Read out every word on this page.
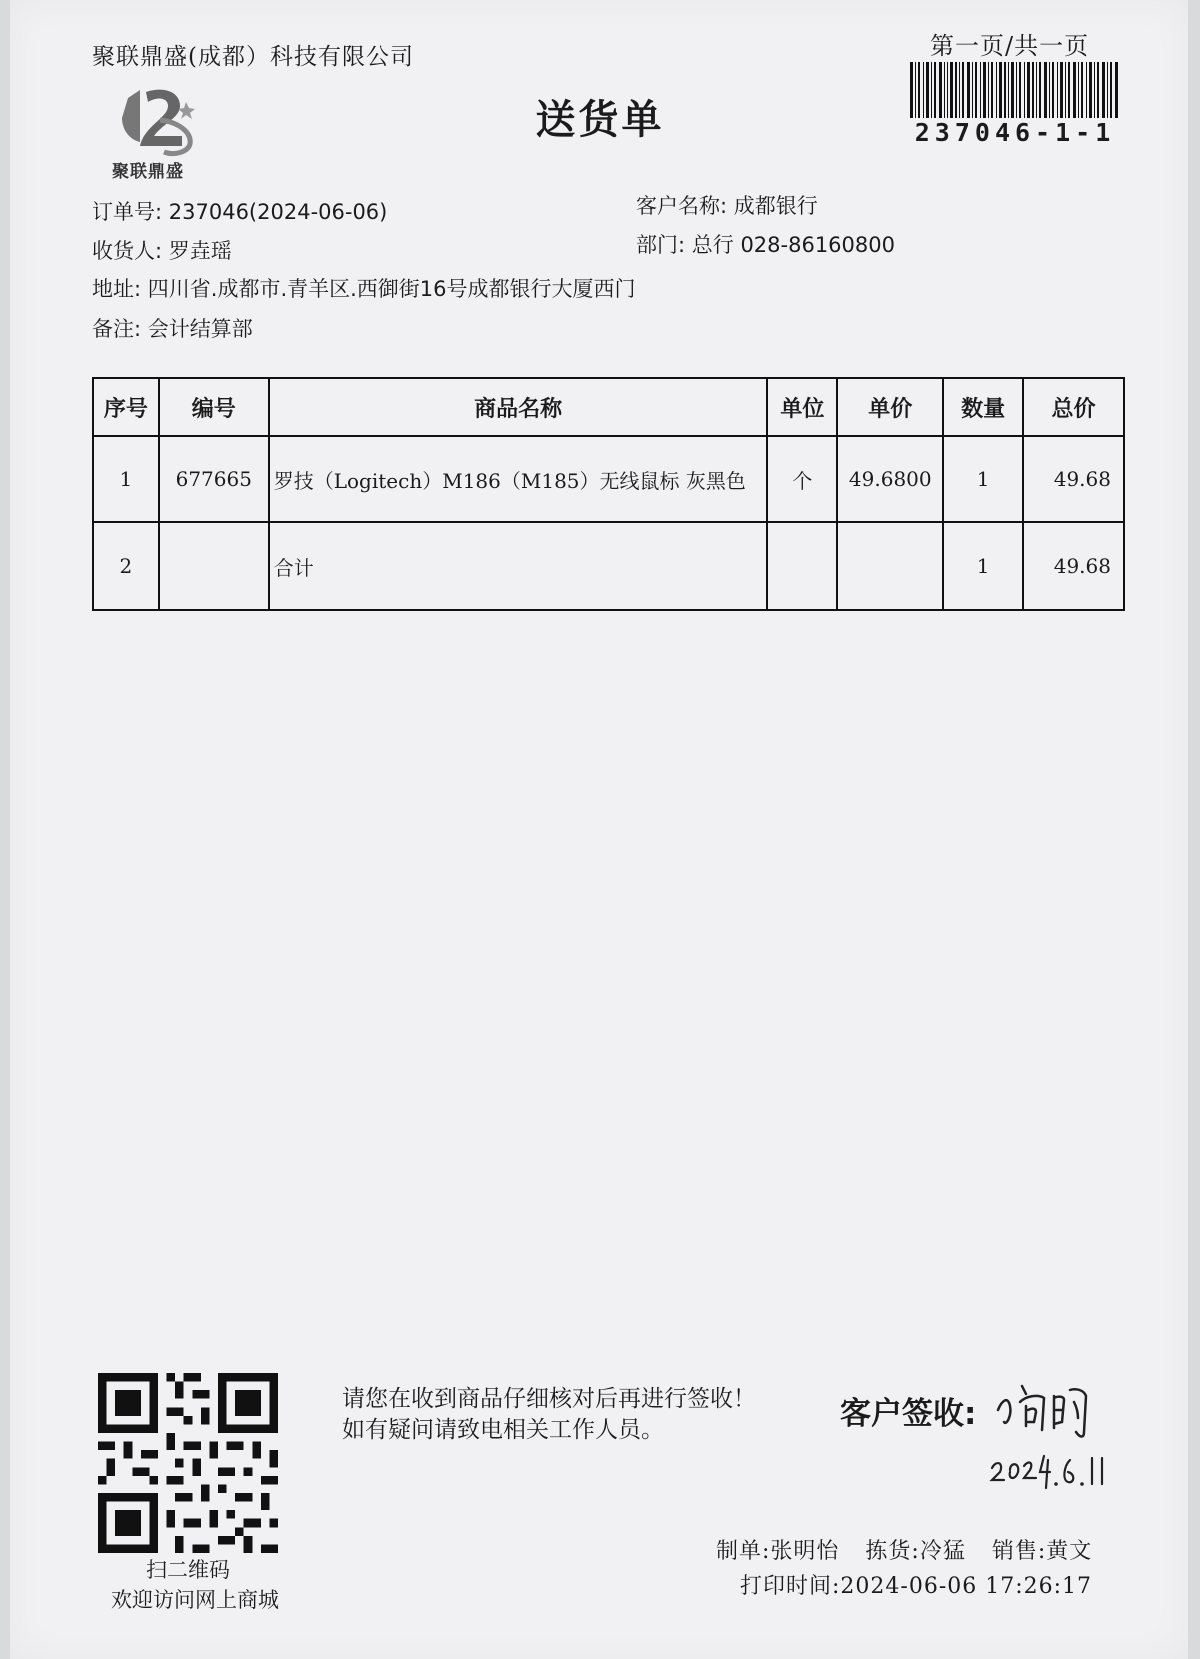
聚联鼎盛(成都）科技有限公司	第一页/共一页
237046-1-1
聚联鼎盛
送货单
订单号: 237046(2024-06-06)
收货人: 罗垚瑶
地址: 四川省.成都市.青羊区.西御街16号成都银行大厦西门
备注: 会计结算部
客户名称: 成都银行
部门: 总行 028-86160800
序号	编号	商品名称	单位	单价	数量	总价
1	677665	罗技（Logitech）M186（M185）无线鼠标 灰黑色	个	49.6800	1	49.68
2		合计			1	49.68
扫二维码
欢迎访问网上商城
请您在收到商品仔细核对后再进行签收！如有疑问请致电相关工作人员。	客户签收:
制单:张明怡 拣货:冷猛 销售:黄文
打印时间:2024-06-06 17:26:17
